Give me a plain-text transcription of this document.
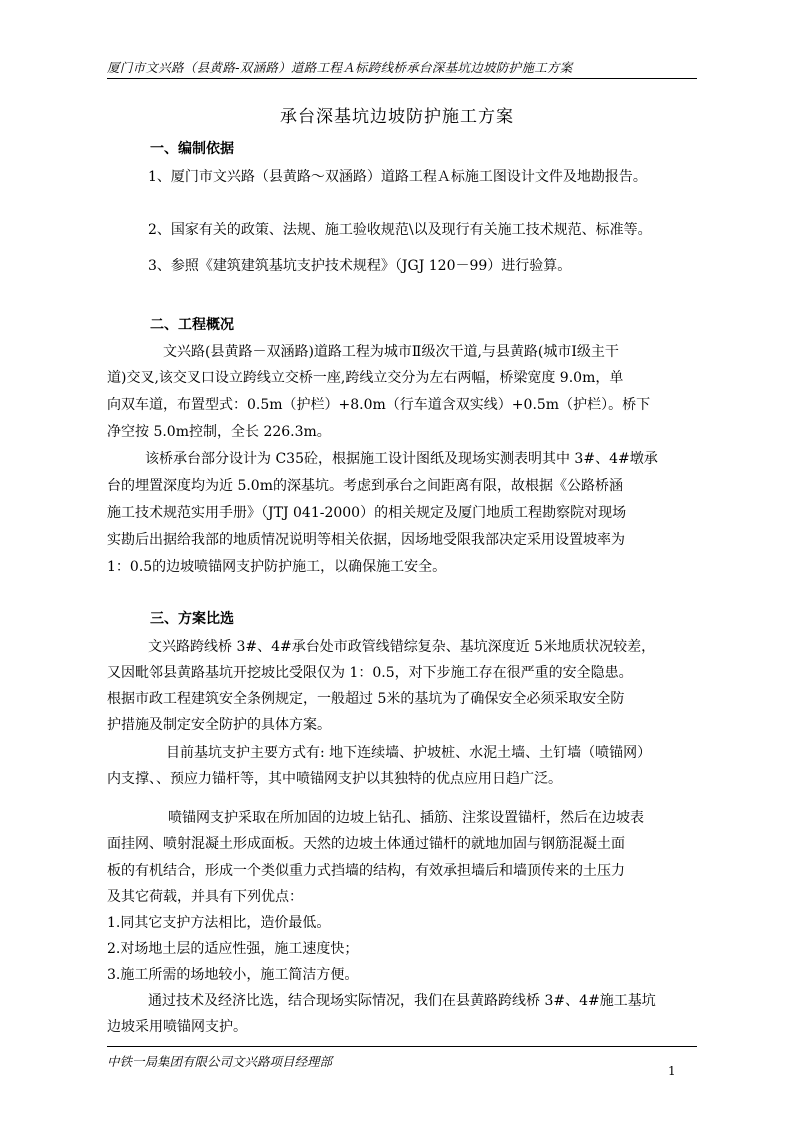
厦门市文兴路（县黄路-双涵路）道路工程Ａ标跨线桥承台深基坑边坡防护施工方案
承台深基坑边坡防护施工方案
一、编制依据
1、厦门市文兴路（县黄路～双涵路）道路工程Ａ标施工图设计文件及地勘报告。
2、国家有关的政策、法规、施工验收规范\以及现行有关施工技术规范、标准等。
3、参照《建筑建筑基坑支护技术规程》（JGJ 120－99）进行验算。
二、工程概况
文兴路(县黄路－双涵路)道路工程为城市Ⅱ级次干道,与县黄路(城市Ⅰ级主干
道)交叉,该交叉口设立跨线立交桥一座,跨线立交分为左右两幅，桥梁宽度 9.0m，单
向双车道，布置型式：0.5m（护栏）+8.0m（行车道含双实线）+0.5m（护栏）。桥下
净空按 5.0m控制，全长 226.3m。
该桥承台部分设计为 C35砼，根据施工设计图纸及现场实测表明其中 3#、4#墩承
台的埋置深度均为近 5.0m的深基坑。考虑到承台之间距离有限，故根据《公路桥涵
施工技术规范实用手册》（JTJ 041-2000）的相关规定及厦门地质工程勘察院对现场
实勘后出据给我部的地质情况说明等相关依据，因场地受限我部决定采用设置坡率为
1：0.5的边坡喷锚网支护防护施工，以确保施工安全。
三、方案比选
文兴路跨线桥 3#、4#承台处市政管线错综复杂、基坑深度近 5米地质状况较差，
又因毗邻县黄路基坑开挖坡比受限仅为 1：0.5，对下步施工存在很严重的安全隐患。
根据市政工程建筑安全条例规定，一般超过 5米的基坑为了确保安全必须采取安全防
护措施及制定安全防护的具体方案。
目前基坑支护主要方式有: 地下连续墙、护坡桩、水泥土墙、土钉墙（喷锚网）
内支撑、、预应力锚杆等，其中喷锚网支护以其独特的优点应用日趋广泛。
喷锚网支护采取在所加固的边坡上钻孔、插筋、注浆设置锚杆，然后在边坡表
面挂网、喷射混凝土形成面板。天然的边坡土体通过锚杆的就地加固与钢筋混凝土面
板的有机结合，形成一个类似重力式挡墙的结构，有效承担墙后和墙顶传来的土压力
及其它荷载，并具有下列优点：
1.同其它支护方法相比，造价最低。
2.对场地土层的适应性强，施工速度快；
3.施工所需的场地较小，施工简洁方便。
通过技术及经济比选，结合现场实际情况，我们在县黄路跨线桥 3#、4#施工基坑
边坡采用喷锚网支护。
中铁一局集团有限公司文兴路项目经理部
1
